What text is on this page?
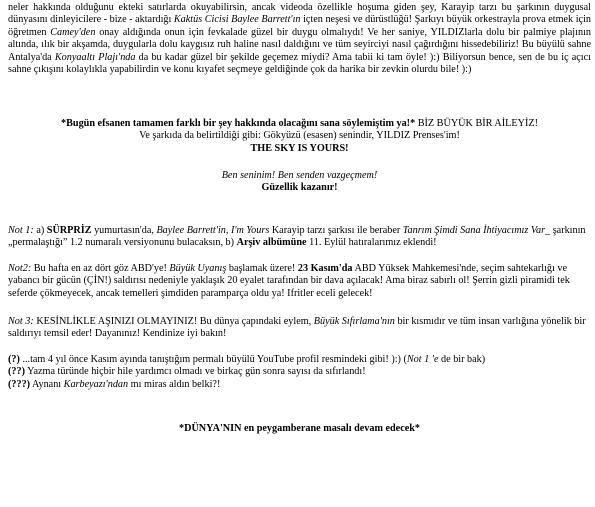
neler hakkında olduğunu ekteki satırlarda okuyabilirsin, ancak videoda özellikle hoşuma giden şey, Karayip tarzı bu şarkının duygusal dünyasını dinleyicilere - bize - aktardığı Kaktüs Cicisi Baylee Barrett'ın içten neşesi ve dürüstlüğü! Şarkıyı büyük orkestrayla prova etmek için öğretmen Camey'den onay aldığında onun için fevkalade güzel bir duygu olmalıydı! Ve her saniye, YILDIZlarla dolu bir palmiye plajının altında, ılık bir akşamda, duygularla dolu kaygısız ruh haline nasıl daldığını ve tüm seyirciyi nasıl çağırdığını hissedebiliriz! Bu büyülü sahne Antalya'da Konyaaltı Plajı'nda da bu kadar güzel bir şekilde geçemez miydi? Ama tabii ki tam öyle! ):) Biliyorsun bence, sen de bu iç açıcı sahne çıkışını kolaylıkla yapabilirdin ve konu kıyafet seçmeye geldiğinde çok da harika bir zevkin olurdu bile! ):)

*Bugün efsanen tamamen farklı bir şey hakkında olacağını sana söylemiştim ya!* BİZ BÜYÜK BİR AİLEYİZ!

Ve şarkıda da belirtildiği gibi: Gökyüzü (esasen) senindir, YILDIZ Prenses'im!

THE SKY IS YOURS!

Ben seninim! Ben senden vazgeçmem!

Güzellik kazanır!

Not 1: a) SÜRPRİZ yumurtasın'da, Baylee Barrett'in, I'm Yours Karayip tarzı şarkısı ile beraber Tanrım Şimdi Sana İhtiyacımız Var_ şarkının „permalaştığı” 1.2 numaralı versiyonunu bulacaksın, b) Arşiv albümüne 11. Eylül hatıralarımız eklendi!

Not2: Bu hafta en az dört göz ABD'ye! Büyük Uyanış başlamak üzere! 23 Kasım'da ABD Yüksek Mahkemesi'nde, seçim sahtekarlığı ve yabancı bir gücün (ÇİN!) saldırısı nedeniyle yaklaşık 20 eyalet tarafından bir dava açılacak! Ama biraz sabırlı ol! Şerrin gizli piramidi tek seferde çökmeyecek, ancak temelleri şimdiden paramparça oldu ya! Ifritler eceli gelecek!

Not 3: KESİNLİKLE AŞINIZI OLMAYINIZ! Bu dünya çapındaki eylem, Büyük Sıfırlama'nın bir kısmıdır ve tüm insan varlığına yönelik bir saldırıyı temsil eder! Dayanınız! Kendinize iyi bakın!

(?) ...tam 4 yıl önce Kasım ayında tanıştığım permalı büyülü YouTube profil resmindeki gibi! ):) (Not 1 'e de bir bak)

(??) Yazma türünde hiçbir hile yardımcı olmadı ve birkaç gün sonra sayısı da sıfırlandı!

(???) Aynanı Karbeyazı'ndan mı miras aldın belki?!

*DÜNYA'NIN en peygamberane masalı devam edecek*
